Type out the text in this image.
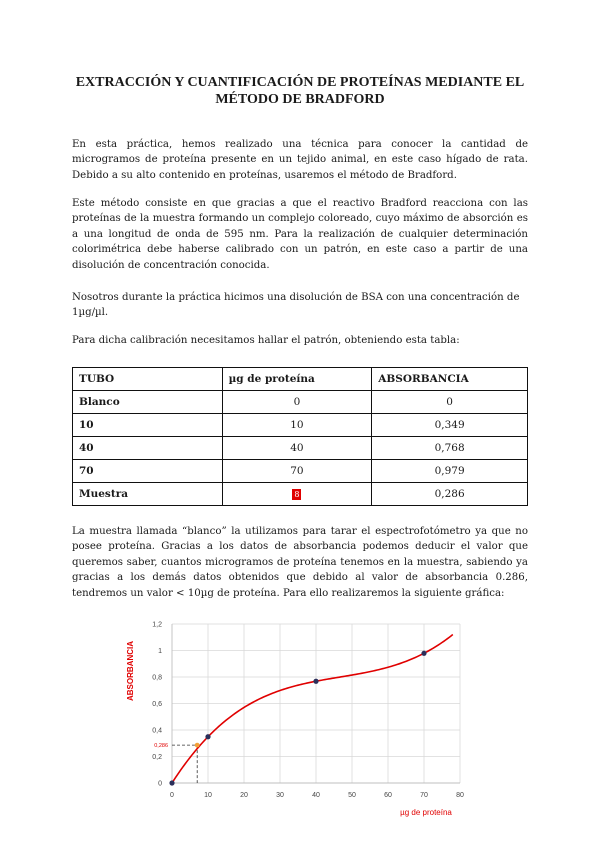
EXTRACCIÓN Y CUANTIFICACIÓN DE PROTEÍNAS MEDIANTE EL
MÉTODO DE BRADFORD
En esta práctica, hemos realizado una técnica para conocer la cantidad de microgramos de proteína presente en un tejido animal, en este caso hígado de rata. Debido a su alto contenido en proteínas, usaremos el método de Bradford.
Este método consiste en que gracias a que el reactivo Bradford reacciona con las proteínas de la muestra formando un complejo coloreado, cuyo máximo de absorción es a una longitud de onda de 595 nm. Para la realización de cualquier determinación colorimétrica debe haberse calibrado con un patrón, en este caso a partir de una disolución de concentración conocida.
Nosotros durante la práctica hicimos una disolución de BSA con una concentración de 1µg/µl.
Para dicha calibración necesitamos hallar el patrón, obteniendo esta tabla:
TUBO	µg de proteína	ABSORBANCIA
Blanco	0	0
10	10	0,349
40	40	0,768
70	70	0,979
Muestra	8	0,286
La muestra llamada “blanco” la utilizamos para tarar el espectrofotómetro ya que no posee proteína. Gracias a los datos de absorbancia podemos deducir el valor que queremos saber, cuantos microgramos de proteína tenemos en la muestra, sabiendo ya gracias a los demás datos obtenidos que debido al valor de absorbancia 0.286, tendremos un valor < 10µg de proteína. Para ello realizaremos la siguiente gráfica:
0
0,2
0,4
0,6
0,8
1
1,2
0	10	20	30	40	50	60	70	80
ABSORBANCIA
µg de proteína
0,286
